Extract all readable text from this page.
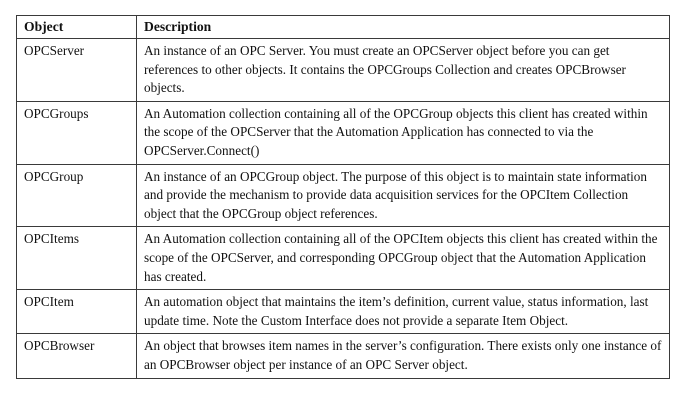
Object	Description
OPCServer	An instance of an OPC Server. You must create an OPCServer object before you can get references to other objects. It contains the OPCGroups Collection and creates OPCBrowser objects.
OPCGroups	An Automation collection containing all of the OPCGroup objects this client has created within the scope of the OPCServer that the Automation Application has connected to via the OPCServer.Connect()
OPCGroup	An instance of an OPCGroup object. The purpose of this object is to maintain state information and provide the mechanism to provide data acquisition services for the OPCItem Collection object that the OPCGroup object references.
OPCItems	An Automation collection containing all of the OPCItem objects this client has created within the scope of the OPCServer, and corresponding OPCGroup object that the Automation Application has created.
OPCItem	An automation object that maintains the item’s definition, current value, status information, last update time. Note the Custom Interface does not provide a separate Item Object.
OPCBrowser	An object that browses item names in the server’s configuration. There exists only one instance of an OPCBrowser object per instance of an OPC Server object.
